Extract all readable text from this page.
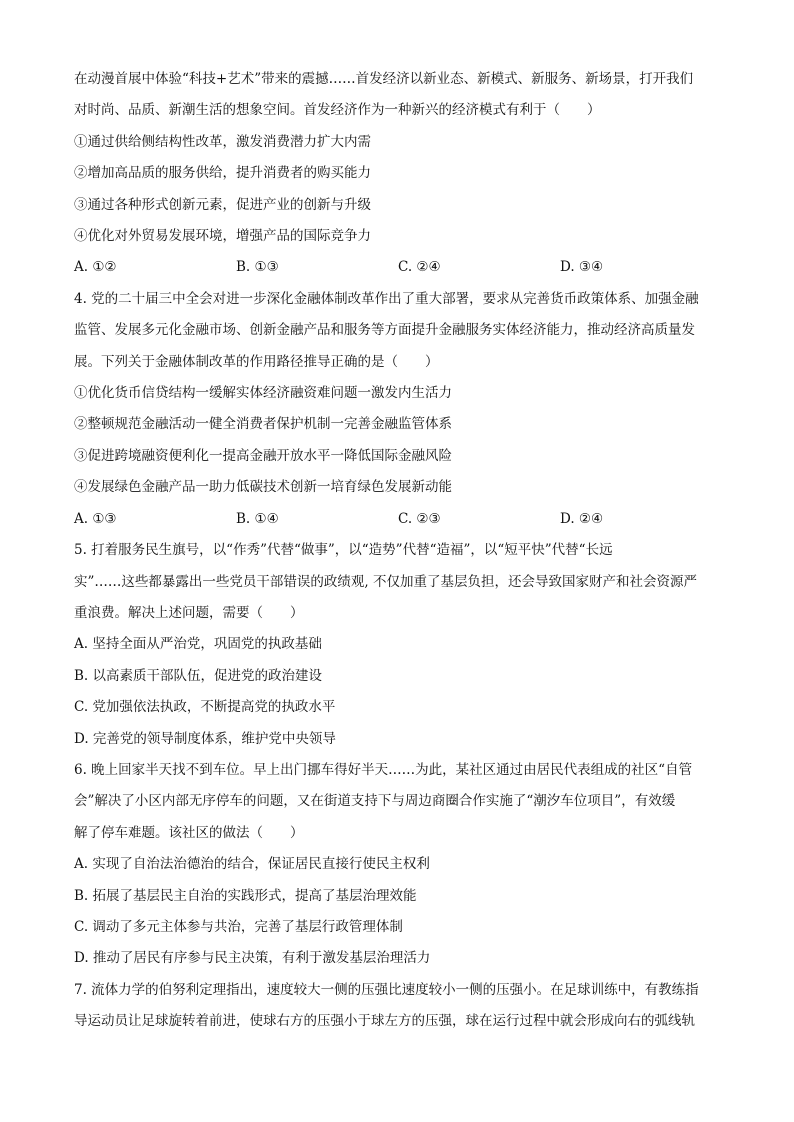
在动漫首展中体验“科技+艺术”带来的震撼……首发经济以新业态、新模式、新服务、新场景，打开我们

对时尚、品质、新潮生活的想象空间。首发经济作为一种新兴的经济模式有利于（　　）

①通过供给侧结构性改革，激发消费潜力扩大内需

②增加高品质的服务供给，提升消费者的购买能力

③通过各种形式创新元素，促进产业的创新与升级

④优化对外贸易发展环境，增强产品的国际竞争力

A. ①②	B. ①③	C. ②④	D. ③④

4. 党的二十届三中全会对进一步深化金融体制改革作出了重大部署，要求从完善货币政策体系、加强金融

监管、发展多元化金融市场、创新金融产品和服务等方面提升金融服务实体经济能力，推动经济高质量发

展。下列关于金融体制改革的作用路径推导正确的是（　　）

①优化货币信贷结构一缓解实体经济融资难问题一激发内生活力

②整顿规范金融活动一健全消费者保护机制一完善金融监管体系

③促进跨境融资便利化一提高金融开放水平一降低国际金融风险

④发展绿色金融产品一助力低碳技术创新一培育绿色发展新动能

A. ①③	B. ①④	C. ②③	D. ②④

5. 打着服务民生旗号，以“作秀”代替“做事”，以“造势”代替“造福”，以“短平快”代替“长远

实”……这些都暴露出一些党员干部错误的政绩观, 不仅加重了基层负担，还会导致国家财产和社会资源严

重浪费。解决上述问题，需要（　　）

A. 坚持全面从严治党，巩固党的执政基础

B. 以高素质干部队伍，促进党的政治建设

C. 党加强依法执政，不断提高党的执政水平

D. 完善党的领导制度体系，维护党中央领导

6. 晚上回家半天找不到车位。早上出门挪车得好半天……为此，某社区通过由居民代表组成的社区“自管

会”解决了小区内部无序停车的问题，又在街道支持下与周边商圈合作实施了“潮汐车位项目”，有效缓

解了停车难题。该社区的做法（　　）

A. 实现了自治法治德治的结合，保证居民直接行使民主权利

B. 拓展了基层民主自治的实践形式，提高了基层治理效能

C. 调动了多元主体参与共治，完善了基层行政管理体制

D. 推动了居民有序参与民主决策，有利于激发基层治理活力

7. 流体力学的伯努利定理指出，速度较大一侧的压强比速度较小一侧的压强小。在足球训练中，有教练指

导运动员让足球旋转着前进，使球右方的压强小于球左方的压强，球在运行过程中就会形成向右的弧线轨
